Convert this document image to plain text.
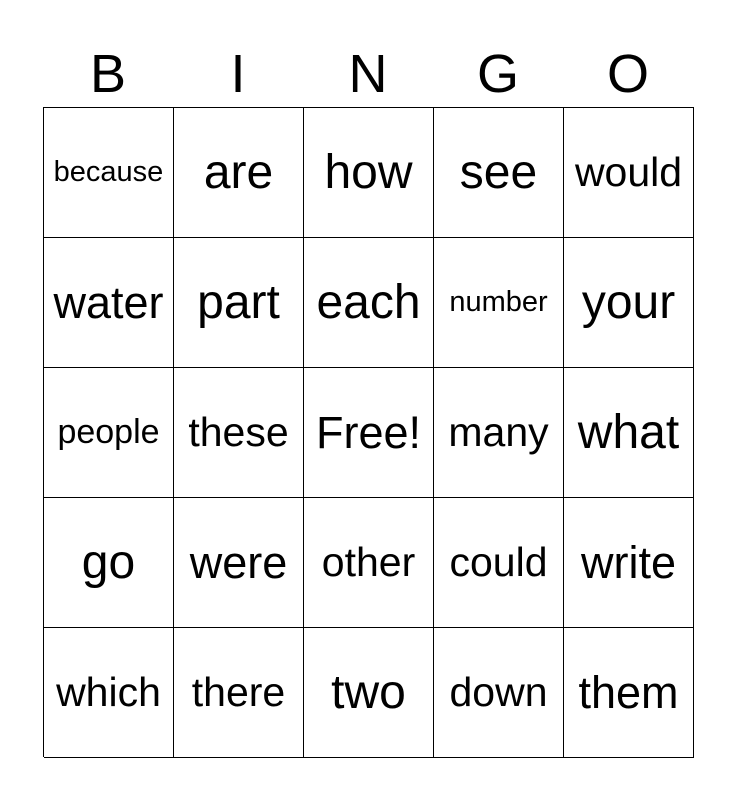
B	I	N	G	O
because are	how see would
water part each number your
people these Free! many what
go	were other could write
which there two	down them
